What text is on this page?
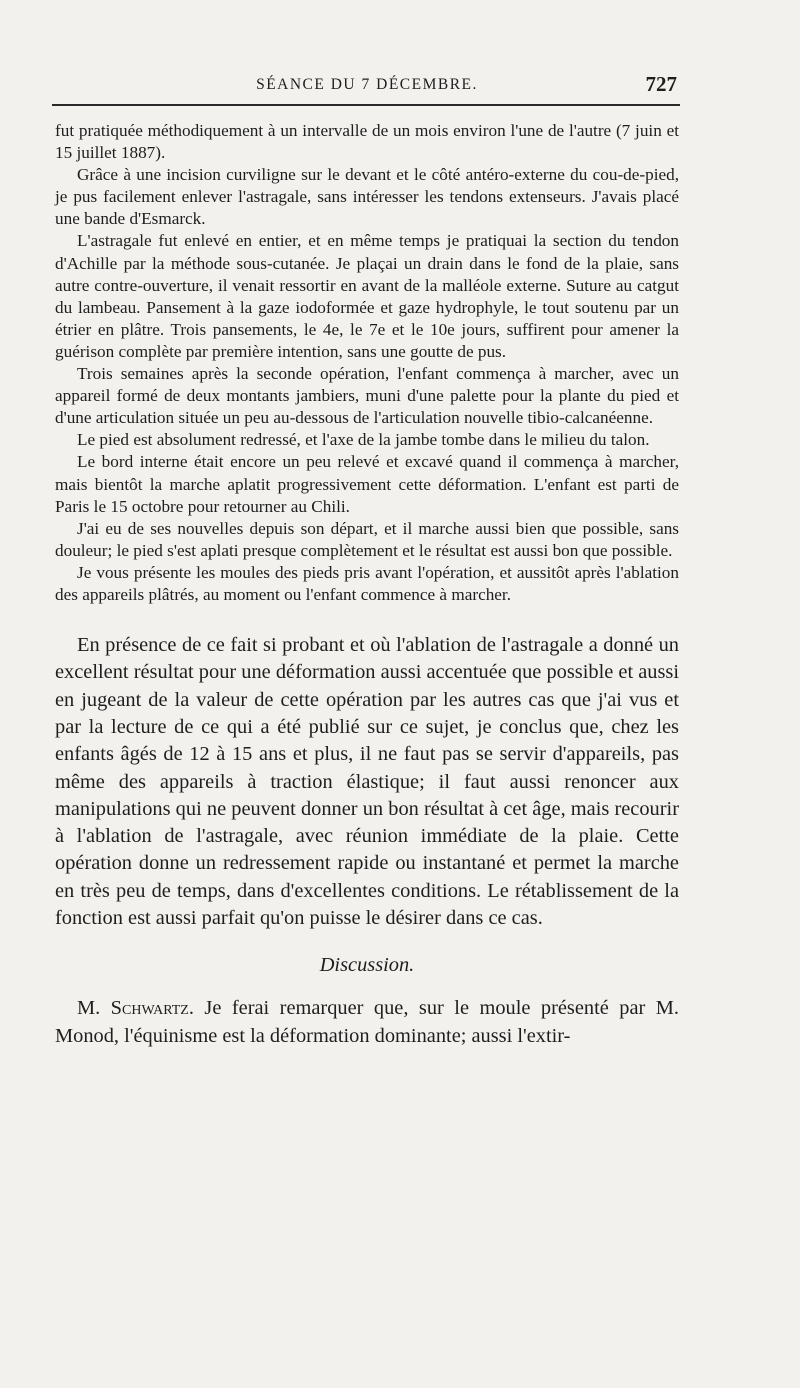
SÉANCE DU 7 DÉCEMBRE.	727

fut pratiquée méthodiquement à un intervalle de un mois environ l'une de l'autre (7 juin et 15 juillet 1887).

Grâce à une incision curviligne sur le devant et le côté antéro-externe du cou-de-pied, je pus facilement enlever l'astragale, sans intéresser les tendons extenseurs. J'avais placé une bande d'Esmarck.

L'astragale fut enlevé en entier, et en même temps je pratiquai la section du tendon d'Achille par la méthode sous-cutanée. Je plaçai un drain dans le fond de la plaie, sans autre contre-ouverture, il venait ressortir en avant de la malléole externe. Suture au catgut du lambeau. Pansement à la gaze iodoformée et gaze hydrophyle, le tout soutenu par un étrier en plâtre. Trois pansements, le 4e, le 7e et le 10e jours, suffirent pour amener la guérison complète par première intention, sans une goutte de pus.

Trois semaines après la seconde opération, l'enfant commença à marcher, avec un appareil formé de deux montants jambiers, muni d'une palette pour la plante du pied et d'une articulation située un peu au-dessous de l'articulation nouvelle tibio-calcanéenne.

Le pied est absolument redressé, et l'axe de la jambe tombe dans le milieu du talon.

Le bord interne était encore un peu relevé et excavé quand il commença à marcher, mais bientôt la marche aplatit progressivement cette déformation. L'enfant est parti de Paris le 15 octobre pour retourner au Chili.

J'ai eu de ses nouvelles depuis son départ, et il marche aussi bien que possible, sans douleur; le pied s'est aplati presque complètement et le résultat est aussi bon que possible.

Je vous présente les moules des pieds pris avant l'opération, et aussitôt après l'ablation des appareils plâtrés, au moment ou l'enfant commence à marcher.

En présence de ce fait si probant et où l'ablation de l'astragale a donné un excellent résultat pour une déformation aussi accentuée que possible et aussi en jugeant de la valeur de cette opération par les autres cas que j'ai vus et par la lecture de ce qui a été publié sur ce sujet, je conclus que, chez les enfants âgés de 12 à 15 ans et plus, il ne faut pas se servir d'appareils, pas même des appareils à traction élastique; il faut aussi renoncer aux manipulations qui ne peuvent donner un bon résultat à cet âge, mais recourir à l'ablation de l'astragale, avec réunion immédiate de la plaie. Cette opération donne un redressement rapide ou instantané et permet la marche en très peu de temps, dans d'excellentes conditions. Le rétablissement de la fonction est aussi parfait qu'on puisse le désirer dans ce cas.

Discussion.

M. Schwartz. Je ferai remarquer que, sur le moule présenté par M. Monod, l'équinisme est la déformation dominante; aussi l'extir-
